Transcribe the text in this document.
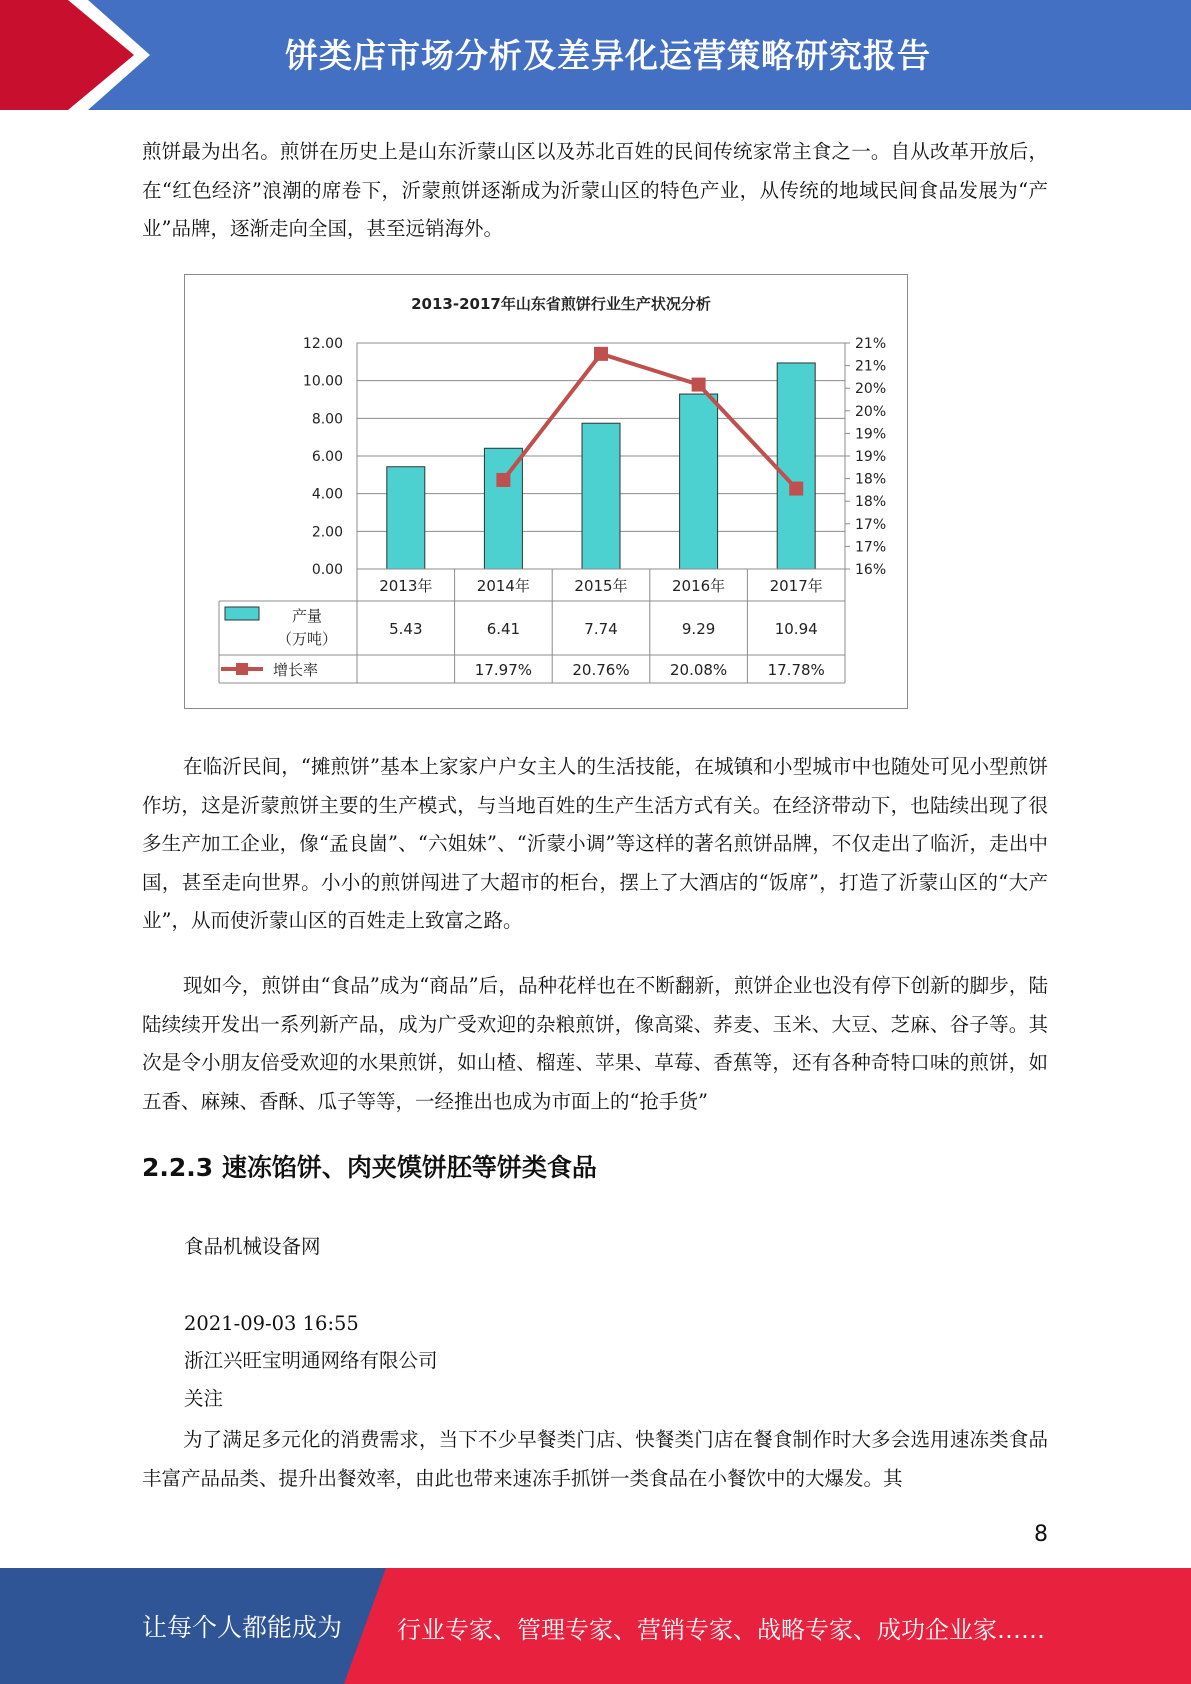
饼类店市场分析及差异化运营策略研究报告

煎饼最为出名。煎饼在历史上是山东沂蒙山区以及苏北百姓的民间传统家常主食之一。自从改革开放后，在“红色经济”浪潮的席卷下，沂蒙煎饼逐渐成为沂蒙山区的特色产业，从传统的地域民间食品发展为“产业”品牌，逐渐走向全国，甚至远销海外。

2013-2017年山东省煎饼行业生产状况分析
0.00
2.00
4.00
6.00
8.00
10.00
12.00
16%
17%
17%
18%
18%
19%
19%
20%
20%
21%
21%
2013年
5.43
2014年
6.41
17.97%
2015年
7.74
20.76%
2016年
9.29
20.08%
2017年
10.94
17.78%
产量
（万吨）
增长率

在临沂民间，“摊煎饼”基本上家家户户女主人的生活技能，在城镇和小型城市中也随处可见小型煎饼作坊，这是沂蒙煎饼主要的生产模式，与当地百姓的生产生活方式有关。在经济带动下，也陆续出现了很多生产加工企业，像“孟良崮”、“六姐妹”、“沂蒙小调”等这样的著名煎饼品牌，不仅走出了临沂，走出中国，甚至走向世界。小小的煎饼闯进了大超市的柜台，摆上了大酒店的“饭席”，打造了沂蒙山区的“大产业”，从而使沂蒙山区的百姓走上致富之路。

现如今，煎饼由“食品”成为“商品”后，品种花样也在不断翻新，煎饼企业也没有停下创新的脚步，陆陆续续开发出一系列新产品，成为广受欢迎的杂粮煎饼，像高粱、荞麦、玉米、大豆、芝麻、谷子等。其次是令小朋友倍受欢迎的水果煎饼，如山楂、榴莲、苹果、草莓、香蕉等，还有各种奇特口味的煎饼，如五香、麻辣、香酥、瓜子等等，一经推出也成为市面上的“抢手货”

2.2.3 速冻馅饼、肉夹馍饼胚等饼类食品

食品机械设备网

2021-09-03 16:55

浙江兴旺宝明通网络有限公司

关注

为了满足多元化的消费需求，当下不少早餐类门店、快餐类门店在餐食制作时大多会选用速冻类食品丰富产品品类、提升出餐效率，由此也带来速冻手抓饼一类食品在小餐饮中的大爆发。其

8
让每个人都能成为 行业专家、管理专家、营销专家、战略专家、成功企业家……
